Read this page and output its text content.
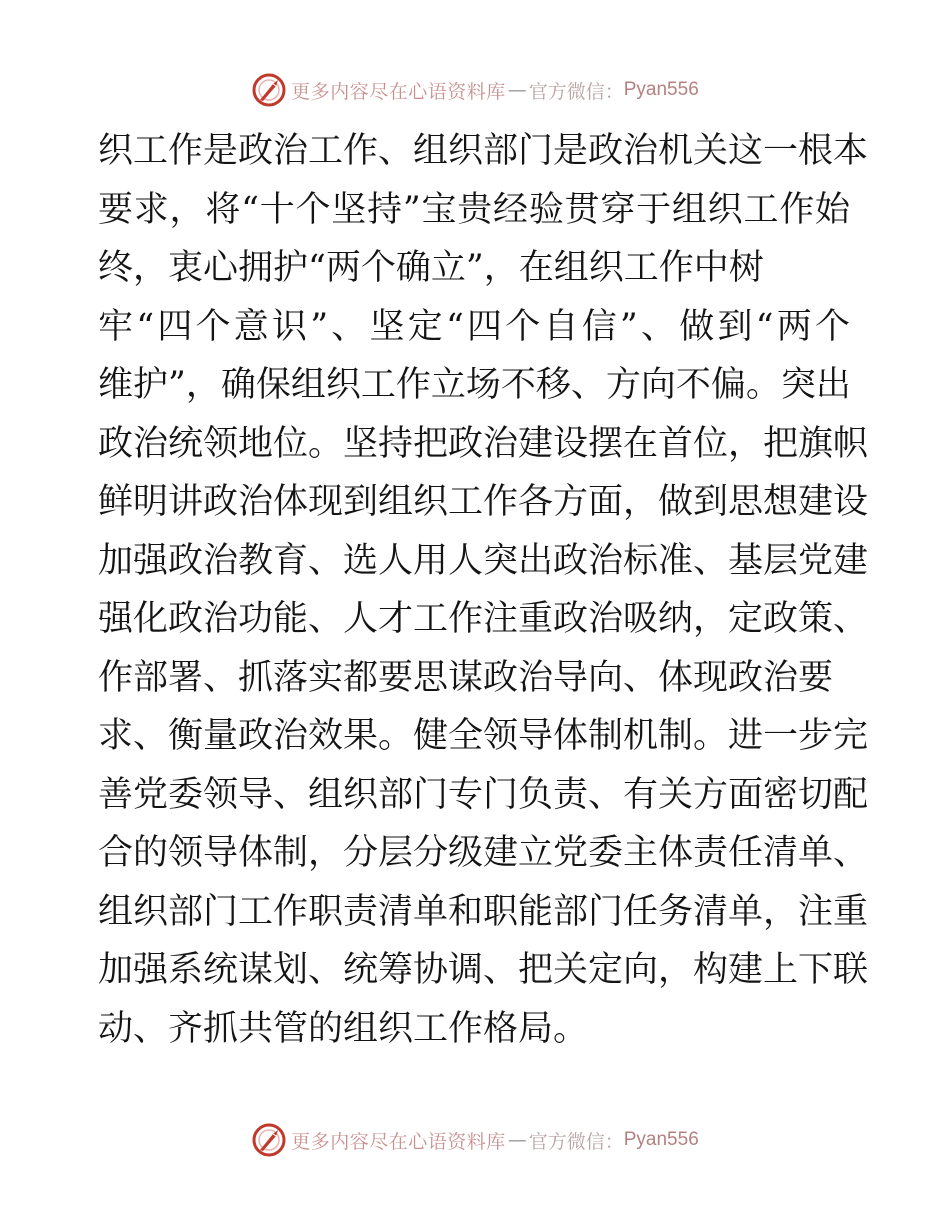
更多内容尽在心语资料库 — 官方微信： Pyan556
织工作是政治工作、组织部门是政治机关这一根本
要求，将“十个坚持”宝贵经验贯穿于组织工作始
终，衷心拥护“两个确立”，在组织工作中树
牢“四个意识”、坚定“四个自信”、做到“两个
维护”，确保组织工作立场不移、方向不偏。突出
政治统领地位。坚持把政治建设摆在首位，把旗帜
鲜明讲政治体现到组织工作各方面，做到思想建设
加强政治教育、选人用人突出政治标准、基层党建
强化政治功能、人才工作注重政治吸纳，定政策、
作部署、抓落实都要思谋政治导向、体现政治要
求、衡量政治效果。健全领导体制机制。进一步完
善党委领导、组织部门专门负责、有关方面密切配
合的领导体制，分层分级建立党委主体责任清单、
组织部门工作职责清单和职能部门任务清单，注重
加强系统谋划、统筹协调、把关定向，构建上下联
动、齐抓共管的组织工作格局。
更多内容尽在心语资料库 — 官方微信： Pyan556
